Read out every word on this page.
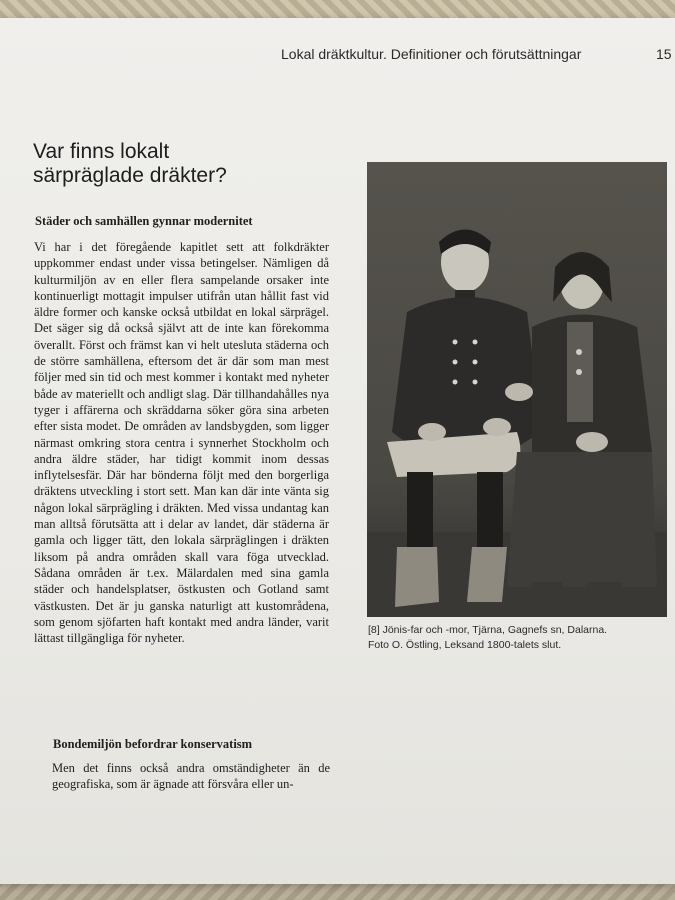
Lokal dräktkultur. Definitioner och förutsättningar	15
Var finns lokalt
särpräglade dräkter?
Städer och samhällen gynnar modernitet

Vi har i det föregående kapitlet sett att folkdräkter uppkommer endast under vissa betingelser. Nämligen då kulturmiljön av en eller flera sampelande orsaker inte kontinuerligt mottagit impulser utifrån utan hållit fast vid äldre former och kanske också utbildat en lokal särprägel. Det säger sig då också självt att de inte kan förekomma överallt. Först och främst kan vi helt utesluta städerna och de större samhällena, eftersom det är där som man mest följer med sin tid och mest kommer i kontakt med nyheter både av materiellt och andligt slag. Där tillhandahålles nya tyger i affärerna och skräddarna söker göra sina arbeten efter sista modet. De områden av landsbygden, som ligger närmast omkring stora centra i synnerhet Stockholm och andra äldre städer, har tidigt kommit inom dessas inflytelsesfär. Där har bönderna följt med den borgerliga dräktens utveckling i stort sett. Man kan där inte vänta sig någon lokal särprägling i dräkten. Med vissa undantag kan man alltså förutsätta att i delar av landet, där städerna är gamla och ligger tätt, den lokala särpräglingen i dräkten liksom på andra områden skall vara föga utvecklad. Sådana områden är t.ex. Mälardalen med sina gamla städer och handelsplatser, östkusten och Gotland samt västkusten. Det är ju ganska naturligt att kustområdena, som genom sjöfarten haft kontakt med andra länder, varit lättast tillgängliga för nyheter.

Bondemiljön befordrar konservatism

Men det finns också andra omständigheter än de geografiska, som är ägnade att försvåra eller un-

[8] Jönis-far och -mor, Tjärna, Gagnefs sn, Dalarna.
Foto O. Östling, Leksand 1800-talets slut.
